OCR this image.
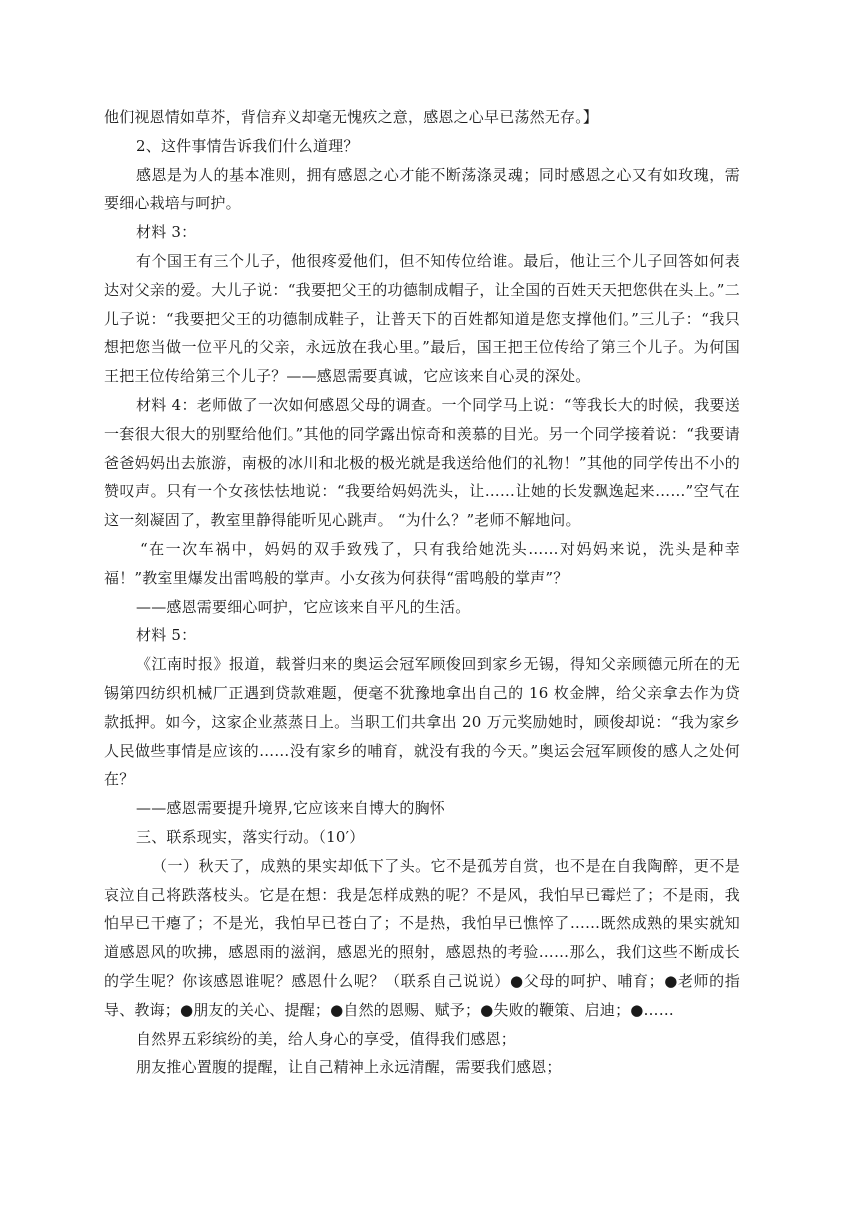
他们视恩情如草芥，背信弃义却毫无愧疚之意，感恩之心早已荡然无存。】

2、这件事情告诉我们什么道理？

感恩是为人的基本准则，拥有感恩之心才能不断荡涤灵魂；同时感恩之心又有如玫瑰，需要细心栽培与呵护。

材料 3：

有个国王有三个儿子，他很疼爱他们，但不知传位给谁。最后，他让三个儿子回答如何表达对父亲的爱。大儿子说：“我要把父王的功德制成帽子，让全国的百姓天天把您供在头上。”二儿子说：“我要把父王的功德制成鞋子，让普天下的百姓都知道是您支撑他们。”三儿子：“我只想把您当做一位平凡的父亲，永远放在我心里。”最后，国王把王位传给了第三个儿子。为何国王把王位传给第三个儿子？——感恩需要真诚，它应该来自心灵的深处。

材料 4：老师做了一次如何感恩父母的调查。一个同学马上说：“等我长大的时候，我要送一套很大很大的别墅给他们。”其他的同学露出惊奇和羡慕的目光。另一个同学接着说：“我要请爸爸妈妈出去旅游，南极的冰川和北极的极光就是我送给他们的礼物！”其他的同学传出不小的赞叹声。只有一个女孩怯怯地说：“我要给妈妈洗头，让……让她的长发飘逸起来……”空气在这一刻凝固了，教室里静得能听见心跳声。 “为什么？”老师不解地问。

“在一次车祸中，妈妈的双手致残了，只有我给她洗头……对妈妈来说，洗头是种幸福！”教室里爆发出雷鸣般的掌声。小女孩为何获得“雷鸣般的掌声”？

——感恩需要细心呵护，它应该来自平凡的生活。

材料 5：

《江南时报》报道，载誉归来的奥运会冠军顾俊回到家乡无锡，得知父亲顾德元所在的无锡第四纺织机械厂正遇到贷款难题，便毫不犹豫地拿出自己的 16 枚金牌，给父亲拿去作为贷款抵押。如今，这家企业蒸蒸日上。当职工们共拿出 20 万元奖励她时，顾俊却说：“我为家乡人民做些事情是应该的……没有家乡的哺育，就没有我的今天。”奥运会冠军顾俊的感人之处何在？

——感恩需要提升境界,它应该来自博大的胸怀

三、联系现实，落实行动。（10′）

（一）秋天了，成熟的果实却低下了头。它不是孤芳自赏，也不是在自我陶醉，更不是哀泣自己将跌落枝头。它是在想：我是怎样成熟的呢？不是风，我怕早已霉烂了；不是雨，我怕早已干瘪了；不是光，我怕早已苍白了；不是热，我怕早已憔悴了……既然成熟的果实就知道感恩风的吹拂，感恩雨的滋润，感恩光的照射，感恩热的考验……那么，我们这些不断成长的学生呢？你该感恩谁呢？感恩什么呢？（联系自己说说）●父母的呵护、哺育；●老师的指导、教诲；●朋友的关心、提醒；●自然的恩赐、赋予；●失败的鞭策、启迪；●……

自然界五彩缤纷的美，给人身心的享受，值得我们感恩；

朋友推心置腹的提醒，让自己精神上永远清醒，需要我们感恩；
